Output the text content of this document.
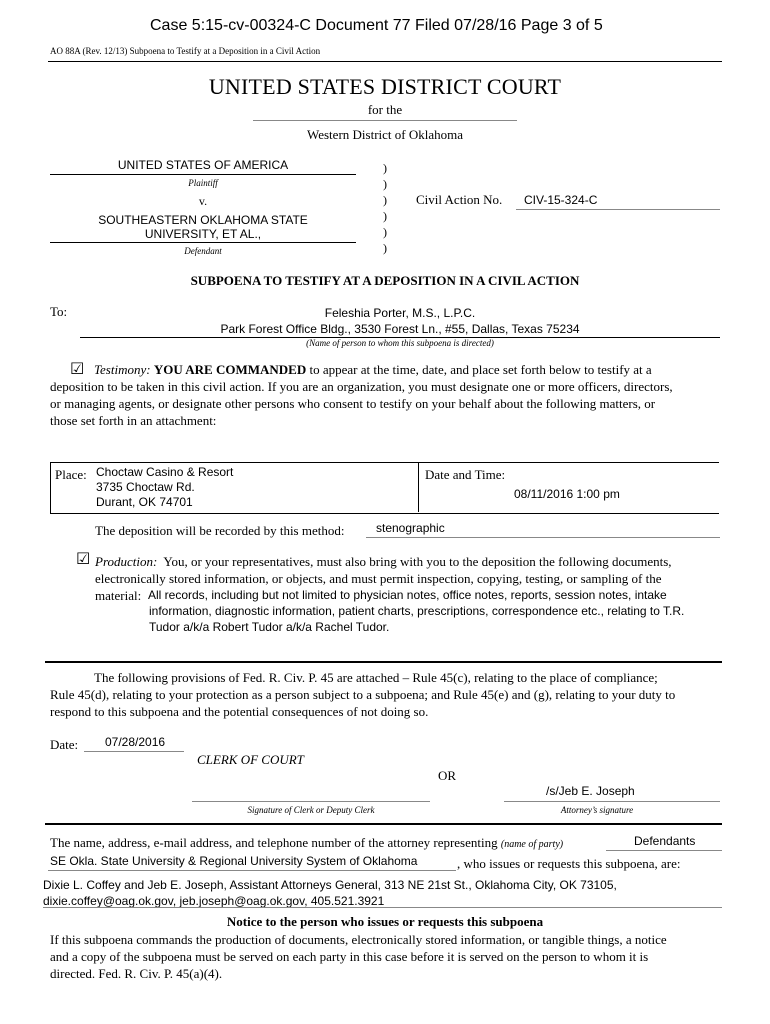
Case 5:15-cv-00324-C Document 77 Filed 07/28/16 Page 3 of 5
AO 88A (Rev. 12/13) Subpoena to Testify at a Deposition in a Civil Action
UNITED STATES DISTRICT COURT
for the
Western District of Oklahoma
UNITED STATES OF AMERICA
Plaintiff
v.
SOUTHEASTERN OKLAHOMA STATE
UNIVERSITY, ET AL.,
Defendant
)
)
)
)
)
)
Civil Action No. CIV-15-324-C
SUBPOENA TO TESTIFY AT A DEPOSITION IN A CIVIL ACTION
To:	Feleshia Porter, M.S., L.P.C.
Park Forest Office Bldg., 3530 Forest Ln., #55, Dallas, Texas 75234
(Name of person to whom this subpoena is directed)
☑ Testimony: YOU ARE COMMANDED to appear at the time, date, and place set forth below to testify at a
deposition to be taken in this civil action. If you are an organization, you must designate one or more officers, directors,
or managing agents, or designate other persons who consent to testify on your behalf about the following matters, or
those set forth in an attachment:
Place: Choctaw Casino & Resort
3735 Choctaw Rd.
Durant, OK 74701
Date and Time:
08/11/2016 1:00 pm
The deposition will be recorded by this method:	stenographic
☑ Production: You, or your representatives, must also bring with you to the deposition the following documents,
electronically stored information, or objects, and must permit inspection, copying, testing, or sampling of the
material: All records, including but not limited to physician notes, office notes, reports, session notes, intake
information, diagnostic information, patient charts, prescriptions, correspondence etc., relating to T.R.
Tudor a/k/a Robert Tudor a/k/a Rachel Tudor.
The following provisions of Fed. R. Civ. P. 45 are attached – Rule 45(c), relating to the place of compliance;
Rule 45(d), relating to your protection as a person subject to a subpoena; and Rule 45(e) and (g), relating to your duty to
respond to this subpoena and the potential consequences of not doing so.
Date: 07/28/2016
CLERK OF COURT
OR
/s/Jeb E. Joseph
Signature of Clerk or Deputy Clerk	Attorney’s signature
The name, address, e-mail address, and telephone number of the attorney representing (name of party)	Defendants
SE Okla. State University & Regional University System of Oklahoma	, who issues or requests this subpoena, are:
Dixie L. Coffey and Jeb E. Joseph, Assistant Attorneys General, 313 NE 21st St., Oklahoma City, OK 73105,
dixie.coffey@oag.ok.gov, jeb.joseph@oag.ok.gov, 405.521.3921
Notice to the person who issues or requests this subpoena
If this subpoena commands the production of documents, electronically stored information, or tangible things, a notice
and a copy of the subpoena must be served on each party in this case before it is served on the person to whom it is
directed. Fed. R. Civ. P. 45(a)(4).
